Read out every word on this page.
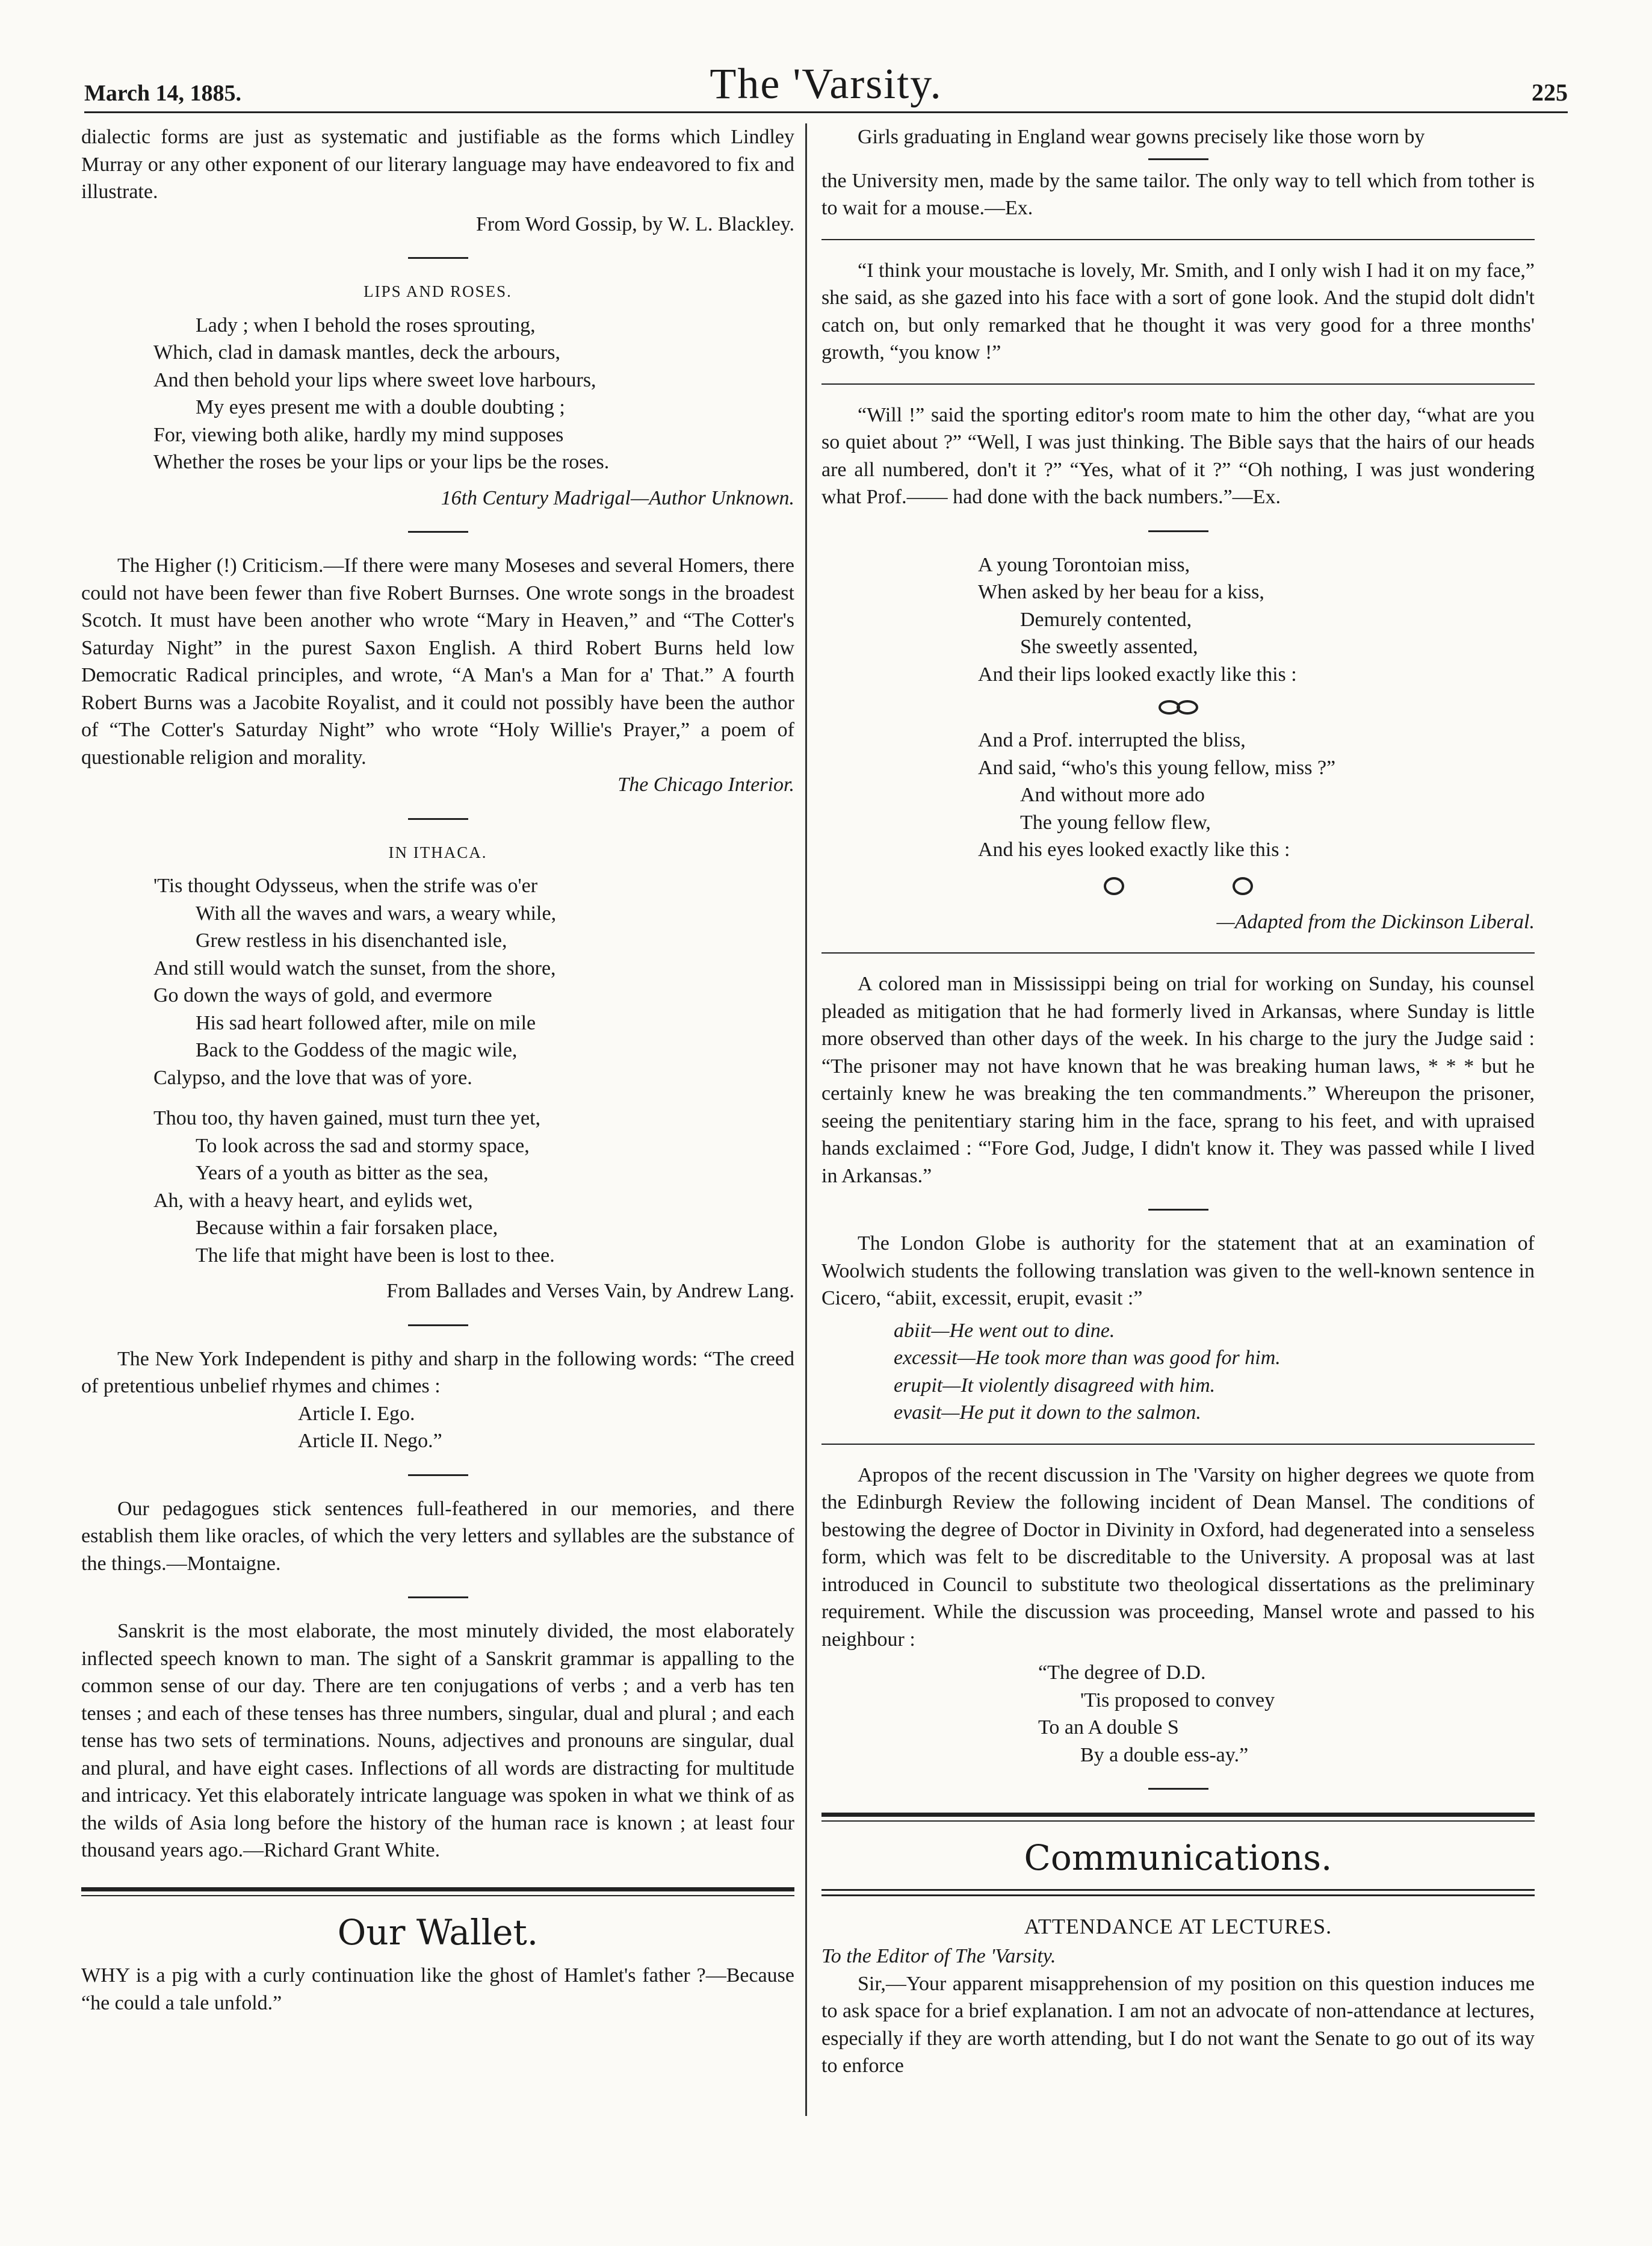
March 14, 1885.	The 'Varsity.	225

dialectic forms are just as systematic and justifiable as the forms which Lindley Murray or any other exponent of our literary language may have endeavored to fix and illustrate.

From Word Gossip, by W. L. Blackley.

LIPS AND ROSES.
Lady ; when I behold the roses sprouting,
Which, clad in damask mantles, deck the arbours,
And then behold your lips where sweet love harbours,
My eyes present me with a double doubting ;
For, viewing both alike, hardly my mind supposes
Whether the roses be your lips or your lips be the roses.

16th Century Madrigal—Author Unknown.

The Higher (!) Criticism.—If there were many Moseses and several Homers, there could not have been fewer than five Robert Burnses. One wrote songs in the broadest Scotch. It must have been another who wrote “Mary in Heaven,” and “The Cotter's Saturday Night” in the purest Saxon English. A third Robert Burns held low Democratic Radical principles, and wrote, “A Man's a Man for a' That.” A fourth Robert Burns was a Jacobite Royalist, and it could not possibly have been the author of “The Cotter's Saturday Night” who wrote “Holy Willie's Prayer,” a poem of questionable religion and morality.

The Chicago Interior.

IN ITHACA.
'Tis thought Odysseus, when the strife was o'er
With all the waves and wars, a weary while,
Grew restless in his disenchanted isle,
And still would watch the sunset, from the shore,
Go down the ways of gold, and evermore
His sad heart followed after, mile on mile
Back to the Goddess of the magic wile,
Calypso, and the love that was of yore.
Thou too, thy haven gained, must turn thee yet,
To look across the sad and stormy space,
Years of a youth as bitter as the sea,
Ah, with a heavy heart, and eylids wet,
Because within a fair forsaken place,
The life that might have been is lost to thee.

From Ballades and Verses Vain, by Andrew Lang.

The New York Independent is pithy and sharp in the following words: “The creed of pretentious unbelief rhymes and chimes :

Article I. Ego.

Article II. Nego.”

Our pedagogues stick sentences full-feathered in our memories, and there establish them like oracles, of which the very letters and syllables are the substance of the things.—Montaigne.

Sanskrit is the most elaborate, the most minutely divided, the most elaborately inflected speech known to man. The sight of a Sanskrit grammar is appalling to the common sense of our day. There are ten conjugations of verbs ; and a verb has ten tenses ; and each of these tenses has three numbers, singular, dual and plural ; and each tense has two sets of terminations. Nouns, adjectives and pronouns are singular, dual and plural, and have eight cases. Inflections of all words are distracting for multitude and intricacy. Yet this elaborately intricate language was spoken in what we think of as the wilds of Asia long before the history of the human race is known ; at least four thousand years ago.—Richard Grant White.

Our Wallet.

WHY is a pig with a curly continuation like the ghost of Hamlet's father ?—Because “he could a tale unfold.”

Girls graduating in England wear gowns precisely like those worn by

the University men, made by the same tailor. The only way to tell which from tother is to wait for a mouse.—Ex.

“I think your moustache is lovely, Mr. Smith, and I only wish I had it on my face,” she said, as she gazed into his face with a sort of gone look. And the stupid dolt didn't catch on, but only remarked that he thought it was very good for a three months' growth, “you know !”

“Will !” said the sporting editor's room mate to him the other day, “what are you so quiet about ?” “Well, I was just thinking. The Bible says that the hairs of our heads are all numbered, don't it ?” “Yes, what of it ?” “Oh nothing, I was just wondering what Prof.—— had done with the back numbers.”—Ex.

A young Torontoian miss,
When asked by her beau for a kiss,
Demurely contented,
She sweetly assented,
And their lips looked exactly like this :
And a Prof. interrupted the bliss,
And said, “who's this young fellow, miss ?”
And without more ado
The young fellow flew,
And his eyes looked exactly like this :

—Adapted from the Dickinson Liberal.

A colored man in Mississippi being on trial for working on Sunday, his counsel pleaded as mitigation that he had formerly lived in Arkansas, where Sunday is little more observed than other days of the week. In his charge to the jury the Judge said : “The prisoner may not have known that he was breaking human laws, * * * but he certainly knew he was breaking the ten commandments.” Whereupon the prisoner, seeing the penitentiary staring him in the face, sprang to his feet, and with upraised hands exclaimed : “'Fore God, Judge, I didn't know it. They was passed while I lived in Arkansas.”

The London Globe is authority for the statement that at an examination of Woolwich students the following translation was given to the well-known sentence in Cicero, “abiit, excessit, erupit, evasit :”

abiit—He went out to dine.
excessit—He took more than was good for him.
erupit—It violently disagreed with him.
evasit—He put it down to the salmon.

Apropos of the recent discussion in The 'Varsity on higher degrees we quote from the Edinburgh Review the following incident of Dean Mansel. The conditions of bestowing the degree of Doctor in Divinity in Oxford, had degenerated into a senseless form, which was felt to be discreditable to the University. A proposal was at last introduced in Council to substitute two theological dissertations as the preliminary requirement. While the discussion was proceeding, Mansel wrote and passed to his neighbour :

“The degree of D.D.
'Tis proposed to convey
To an A double S
By a double ess-ay.”
Communications.
ATTENDANCE AT LECTURES.

To the Editor of The 'Varsity.

Sir,—Your apparent misapprehension of my position on this question induces me to ask space for a brief explanation. I am not an advocate of non-attendance at lectures, especially if they are worth attending, but I do not want the Senate to go out of its way to enforce
